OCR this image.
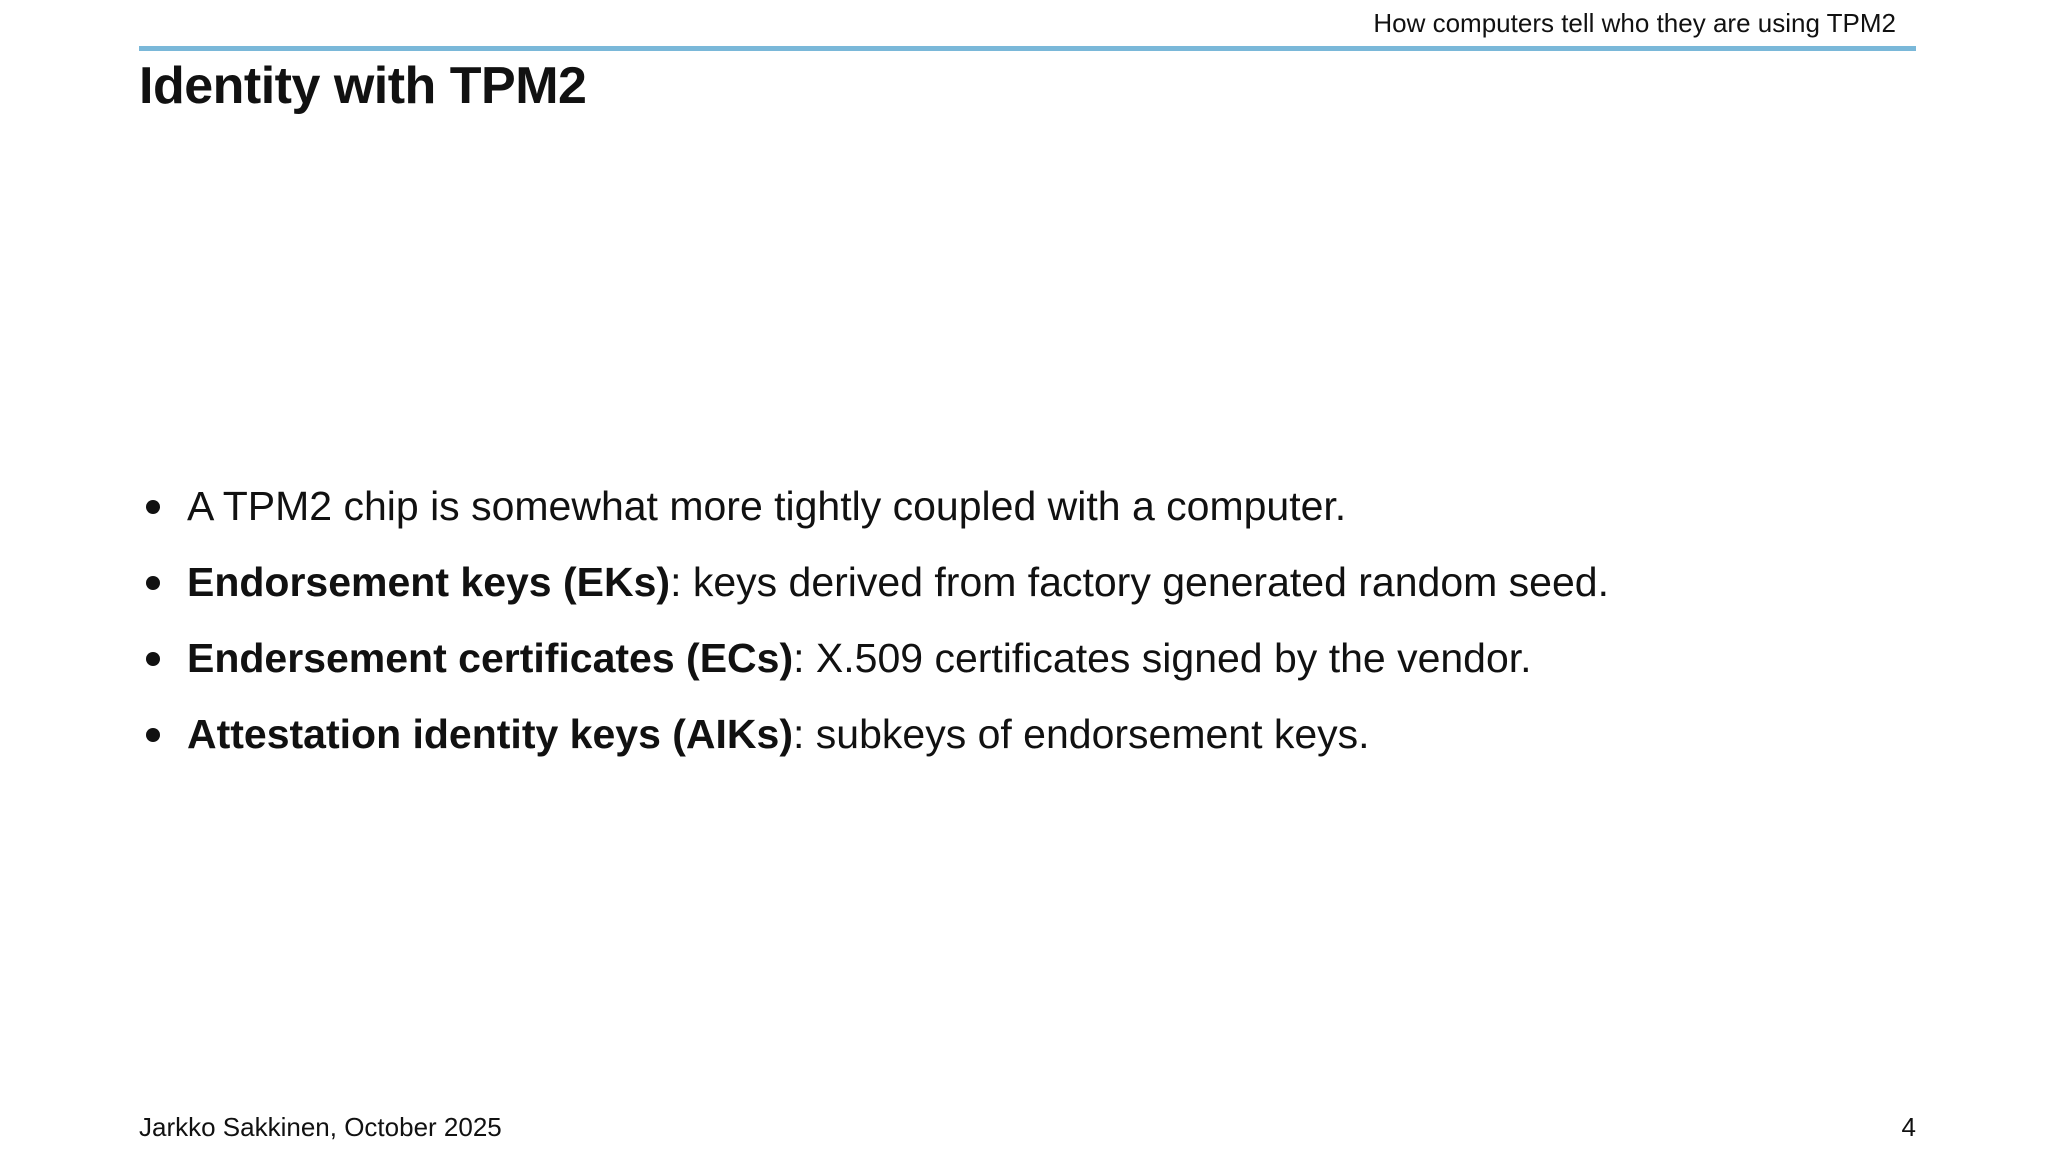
How computers tell who they are using TPM2
Identity with TPM2
A TPM2 chip is somewhat more tightly coupled with a computer.
Endorsement keys (EKs): keys derived from factory generated random seed.
Endersement certificates (ECs): X.509 certificates signed by the vendor.
Attestation identity keys (AIKs): subkeys of endorsement keys.
Jarkko Sakkinen, October 2025	4
